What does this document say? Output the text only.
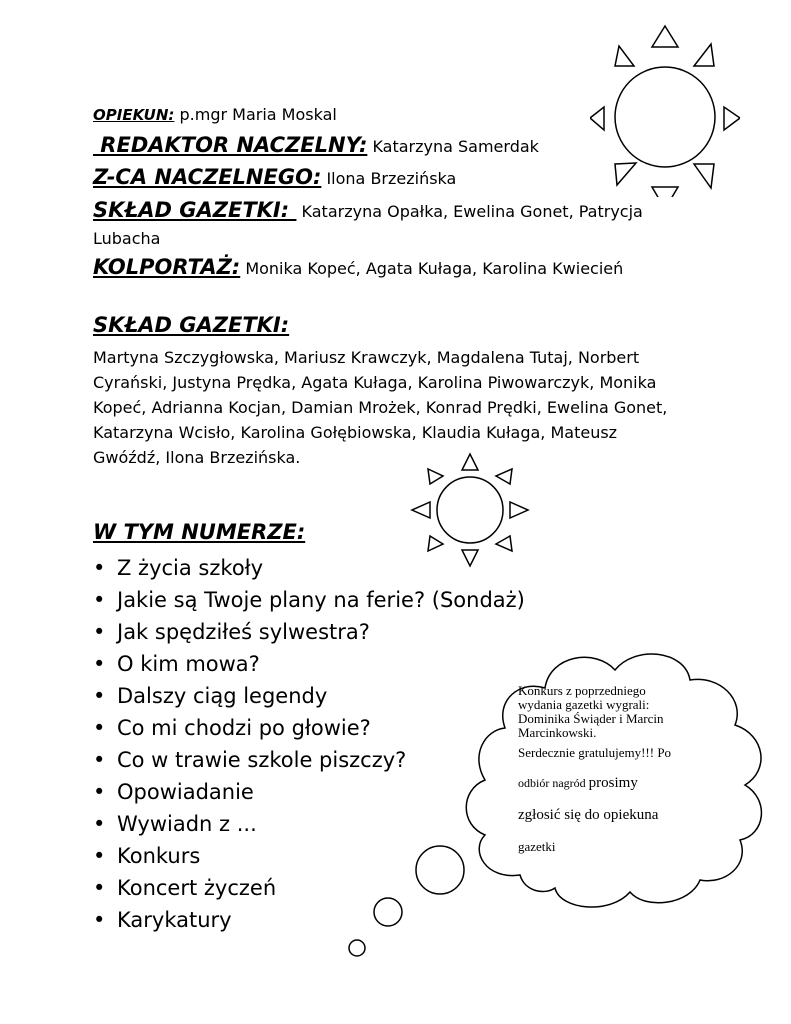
Konkurs z poprzedniego
wydania gazetki wygrali:
Dominika Świąder i Marcin
Marcinkowski.
Serdecznie gratulujemy!!! Po
odbiór nagród prosimy
zgłosić się do opiekuna
gazetki
OPIEKUN: p.mgr Maria Moskal
REDAKTOR NACZELNY: Katarzyna Samerdak
Z-CA NACZELNEGO: Ilona Brzezińska
SKŁAD GAZETKI:  Katarzyna Opałka, Ewelina Gonet, Patrycja
Lubacha
KOLPORTAŻ: Monika Kopeć, Agata Kułaga, Karolina Kwiecień
SKŁAD GAZETKI:
Martyna Szczygłowska, Mariusz Krawczyk, Magdalena Tutaj, Norbert
Cyrański, Justyna Prędka, Agata Kułaga, Karolina Piwowarczyk, Monika
Kopeć, Adrianna Kocjan, Damian Mrożek, Konrad Prędki, Ewelina Gonet,
Katarzyna Wcisło, Karolina Gołębiowska, Klaudia Kułaga, Mateusz
Gwóźdź, Ilona Brzezińska.
W TYM NUMERZE:
• Z życia szkoły
• Jakie są Twoje plany na ferie? (Sondaż)
• Jak spędziłeś sylwestra?
• O kim mowa?
• Dalszy ciąg legendy
• Co mi chodzi po głowie?
• Co w trawie szkole piszczy?
• Opowiadanie
• Wywiadn z ...
• Konkurs
• Koncert życzeń
• Karykatury
